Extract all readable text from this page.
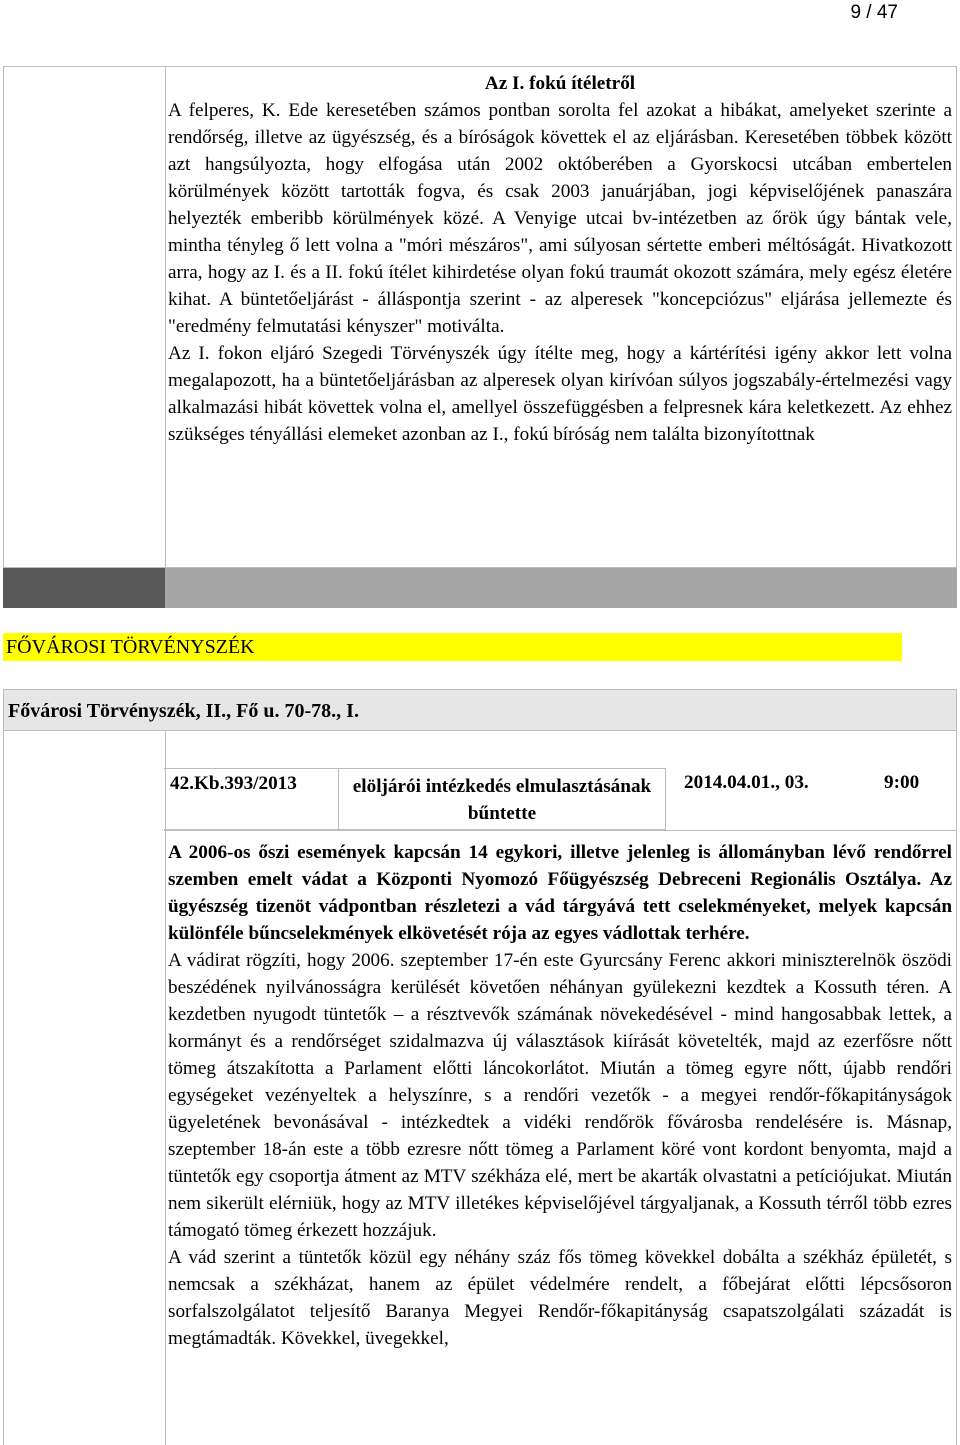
9 / 47

Az I. fokú ítéletről

A felperes, K. Ede keresetében számos pontban sorolta fel azokat a hibákat, amelyeket szerinte a rendőrség, illetve az ügyészség, és a bíróságok követtek el az eljárásban. Keresetében többek között azt hangsúlyozta, hogy elfogása után 2002 októberében a Gyorskocsi utcában embertelen körülmények között tartották fogva, és csak 2003 januárjában, jogi képviselőjének panaszára helyezték emberibb körülmények közé. A Venyige utcai bv-intézetben az őrök úgy bántak vele, mintha tényleg ő lett volna a "móri mészáros", ami súlyosan sértette emberi méltóságát. Hivatkozott arra, hogy az I. és a II. fokú ítélet kihirdetése olyan fokú traumát okozott számára, mely egész életére kihat. A büntetőeljárást - álláspontja szerint - az alperesek "koncepciózus" eljárása jellemezte és "eredmény felmutatási kényszer" motiválta.

Az I. fokon eljáró Szegedi Törvényszék úgy ítélte meg, hogy a kártérítési igény akkor lett volna megalapozott, ha a büntetőeljárásban az alperesek olyan kirívóan súlyos jogszabály-értelmezési vagy alkalmazási hibát követtek volna el, amellyel összefüggésben a felpresnek kára keletkezett. Az ehhez szükséges tényállási elemeket azonban az I., fokú bíróság nem találta bizonyítottnak

FŐVÁROSI TÖRVÉNYSZÉK
Fővárosi Törvényszék, II., Fő u. 70-78., I.
42.Kb.393/2013	elöljárói intézkedés elmulasztásának bűntette
2014.04.01., 03.	9:00

A 2006-os őszi események kapcsán 14 egykori, illetve jelenleg is állományban lévő rendőrrel szemben emelt vádat a Központi Nyomozó Főügyészség Debreceni Regionális Osztálya. Az ügyészség tizenöt vádpontban részletezi a vád tárgyává tett cselekményeket, melyek kapcsán különféle bűncselekmények elkövetését rója az egyes vádlottak terhére.

A vádirat rögzíti, hogy 2006. szeptember 17-én este Gyurcsány Ferenc akkori miniszterelnök öszödi beszédének nyilvánosságra kerülését követően néhányan gyülekezni kezdtek a Kossuth téren. A kezdetben nyugodt tüntetők – a résztvevők számának növekedésével - mind hangosabbak lettek, a kormányt és a rendőrséget szidalmazva új választások kiírását követelték, majd az ezerfősre nőtt tömeg átszakította a Parlament előtti láncokorlátot. Miután a tömeg egyre nőtt, újabb rendőri egységeket vezényeltek a helyszínre, s a rendőri vezetők - a megyei rendőr-főkapitányságok ügyeletének bevonásával - intézkedtek a vidéki rendőrök fővárosba rendelésére is. Másnap, szeptember 18-án este a több ezresre nőtt tömeg a Parlament köré vont kordont benyomta, majd a tüntetők egy csoportja átment az MTV székháza elé, mert be akarták olvastatni a petíciójukat. Miután nem sikerült elérniük, hogy az MTV illetékes képviselőjével tárgyaljanak, a Kossuth térről több ezres támogató tömeg érkezett hozzájuk.

A vád szerint a tüntetők közül egy néhány száz fős tömeg kövekkel dobálta a székház épületét, s nemcsak a székházat, hanem az épület védelmére rendelt, a főbejárat előtti lépcsősoron sorfalszolgálatot teljesítő Baranya Megyei Rendőr-főkapitányság csapatszolgálati századát is megtámadták. Kövekkel, üvegekkel,
